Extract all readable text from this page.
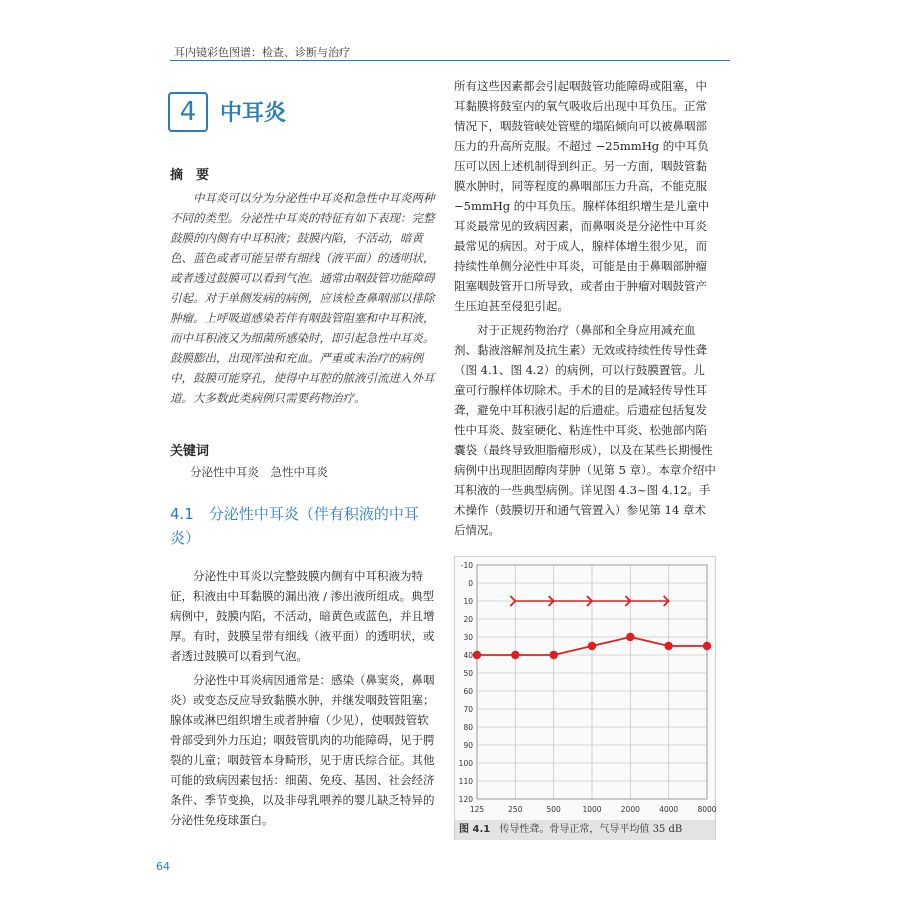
耳内镜彩色图谱：检查、诊断与治疗
4	中耳炎
摘　要
中耳炎可以分为分泌性中耳炎和急性中耳炎两种不同的类型。分泌性中耳炎的特征有如下表现：完整鼓膜的内侧有中耳积液；鼓膜内陷，不活动，暗黄色、蓝色或者可能呈带有细线（液平面）的透明状，或者透过鼓膜可以看到气泡。通常由咽鼓管功能障碍引起。对于单侧发病的病例，应该检查鼻咽部以排除肿瘤。上呼吸道感染若伴有咽鼓管阻塞和中耳积液，而中耳积液又为细菌所感染时，即引起急性中耳炎。鼓膜膨出，出现浑浊和充血。严重或未治疗的病例中，鼓膜可能穿孔，使得中耳腔的脓液引流进入外耳道。大多数此类病例只需要药物治疗。
关键词
分泌性中耳炎　急性中耳炎
4.1　分泌性中耳炎（伴有积液的中耳炎）

分泌性中耳炎以完整鼓膜内侧有中耳积液为特征，积液由中耳黏膜的漏出液 / 渗出液所组成。典型病例中，鼓膜内陷，不活动，暗黄色或蓝色，并且增厚。有时，鼓膜呈带有细线（液平面）的透明状，或者透过鼓膜可以看到气泡。

分泌性中耳炎病因通常是：感染（鼻窦炎，鼻咽炎）或变态反应导致黏膜水肿，并继发咽鼓管阻塞；腺体或淋巴组织增生或者肿瘤（少见），使咽鼓管软骨部受到外力压迫；咽鼓管肌肉的功能障碍，见于腭裂的儿童；咽鼓管本身畸形，见于唐氏综合征。其他可能的致病因素包括：细菌、免疫、基因、社会经济条件、季节变换，以及非母乳喂养的婴儿缺乏特异的分泌性免疫球蛋白。

所有这些因素都会引起咽鼓管功能障碍或阻塞，中耳黏膜将鼓室内的氧气吸收后出现中耳负压。正常情况下，咽鼓管峡处管壁的塌陷倾向可以被鼻咽部压力的升高所克服。不超过 −25mmHg 的中耳负压可以因上述机制得到纠正。另一方面，咽鼓管黏膜水肿时，同等程度的鼻咽部压力升高，不能克服 −5mmHg 的中耳负压。腺样体组织增生是儿童中耳炎最常见的致病因素，而鼻咽炎是分泌性中耳炎最常见的病因。对于成人，腺样体增生很少见，而持续性单侧分泌性中耳炎，可能是由于鼻咽部肿瘤阻塞咽鼓管开口所导致，或者由于肿瘤对咽鼓管产生压迫甚至侵犯引起。

对于正规药物治疗（鼻部和全身应用减充血剂、黏液溶解剂及抗生素）无效或持续性传导性聋（图 4.1、图 4.2）的病例，可以行鼓膜置管。儿童可行腺样体切除术。手术的目的是减轻传导性耳聋，避免中耳积液引起的后遗症。后遗症包括复发性中耳炎、鼓室硬化、粘连性中耳炎、松弛部内陷囊袋（最终导致胆脂瘤形成），以及在某些长期慢性病例中出现胆固醇肉芽肿（见第 5 章）。本章介绍中耳积液的一些典型病例。详见图 4.3~图 4.12。手术操作（鼓膜切开和通气管置入）参见第 14 章术后情况。

-10
0
10
20
30
40
50
60
70
80
90
100
110
120
125	250	500	1000	2000	4000	8000
图 4.1 传导性聋。骨导正常，气导平均值 35 dB
64
